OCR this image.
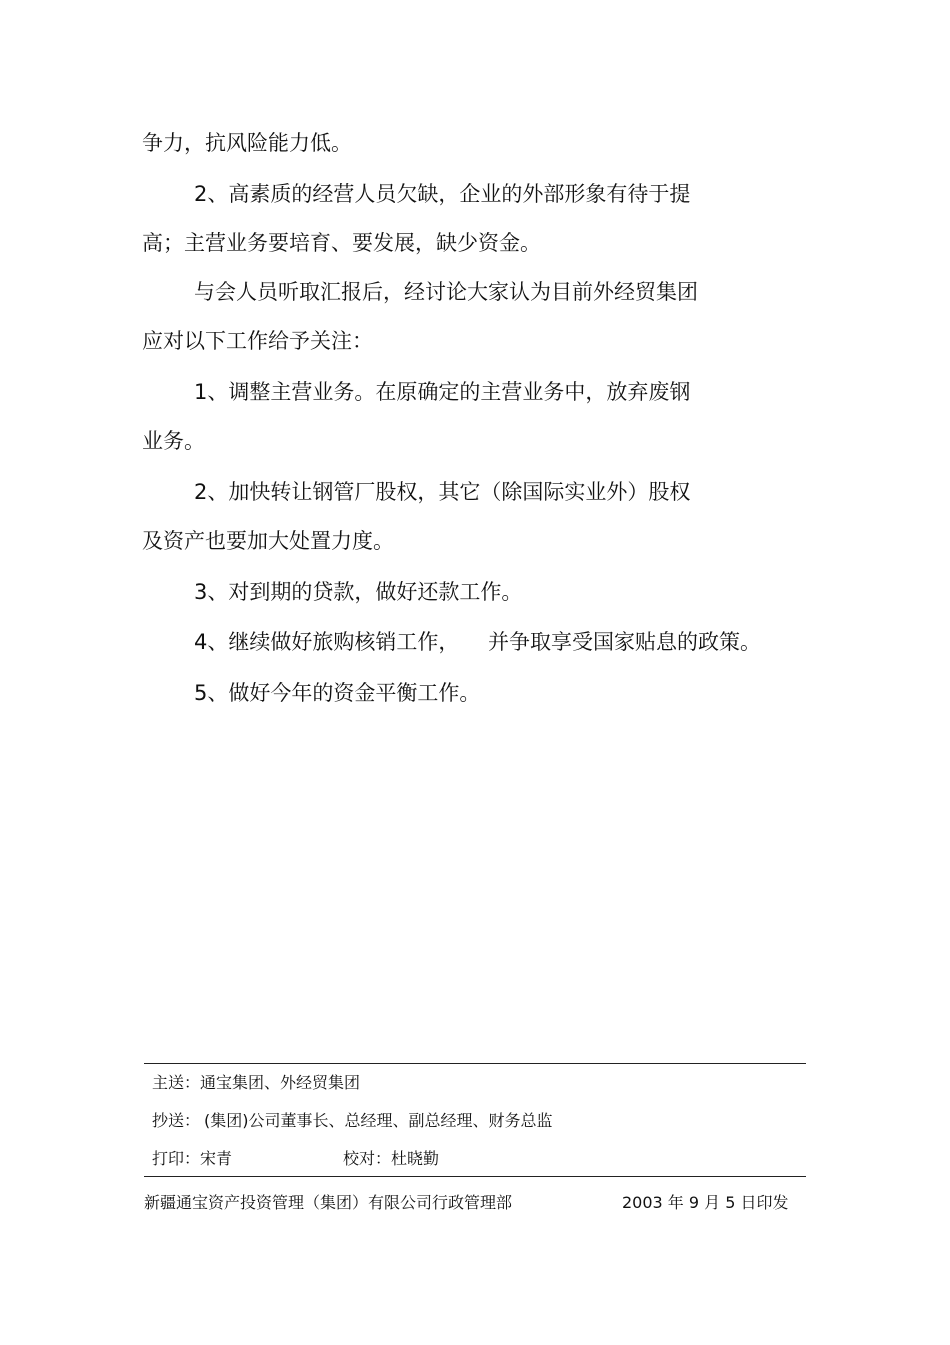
争力，抗风险能力低。
2、高素质的经营人员欠缺，企业的外部形象有待于提
高；主营业务要培育、要发展，缺少资金。
与会人员听取汇报后，经讨论大家认为目前外经贸集团
应对以下工作给予关注：
1、调整主营业务。在原确定的主营业务中，放弃废钢
业务。
2、加快转让钢管厂股权，其它（除国际实业外）股权
及资产也要加大处置力度。
3、对到期的贷款，做好还款工作。
4、继续做好旅购核销工作， 并争取享受国家贴息的政策。
5、做好今年的资金平衡工作。
主送：通宝集团、外经贸集团
抄送： (集团)公司董事长、总经理、副总经理、财务总监
打印：宋青	校对：杜晓勤
新疆通宝资产投资管理（集团）有限公司行政管理部	2003 年 9 月 5 日印发
